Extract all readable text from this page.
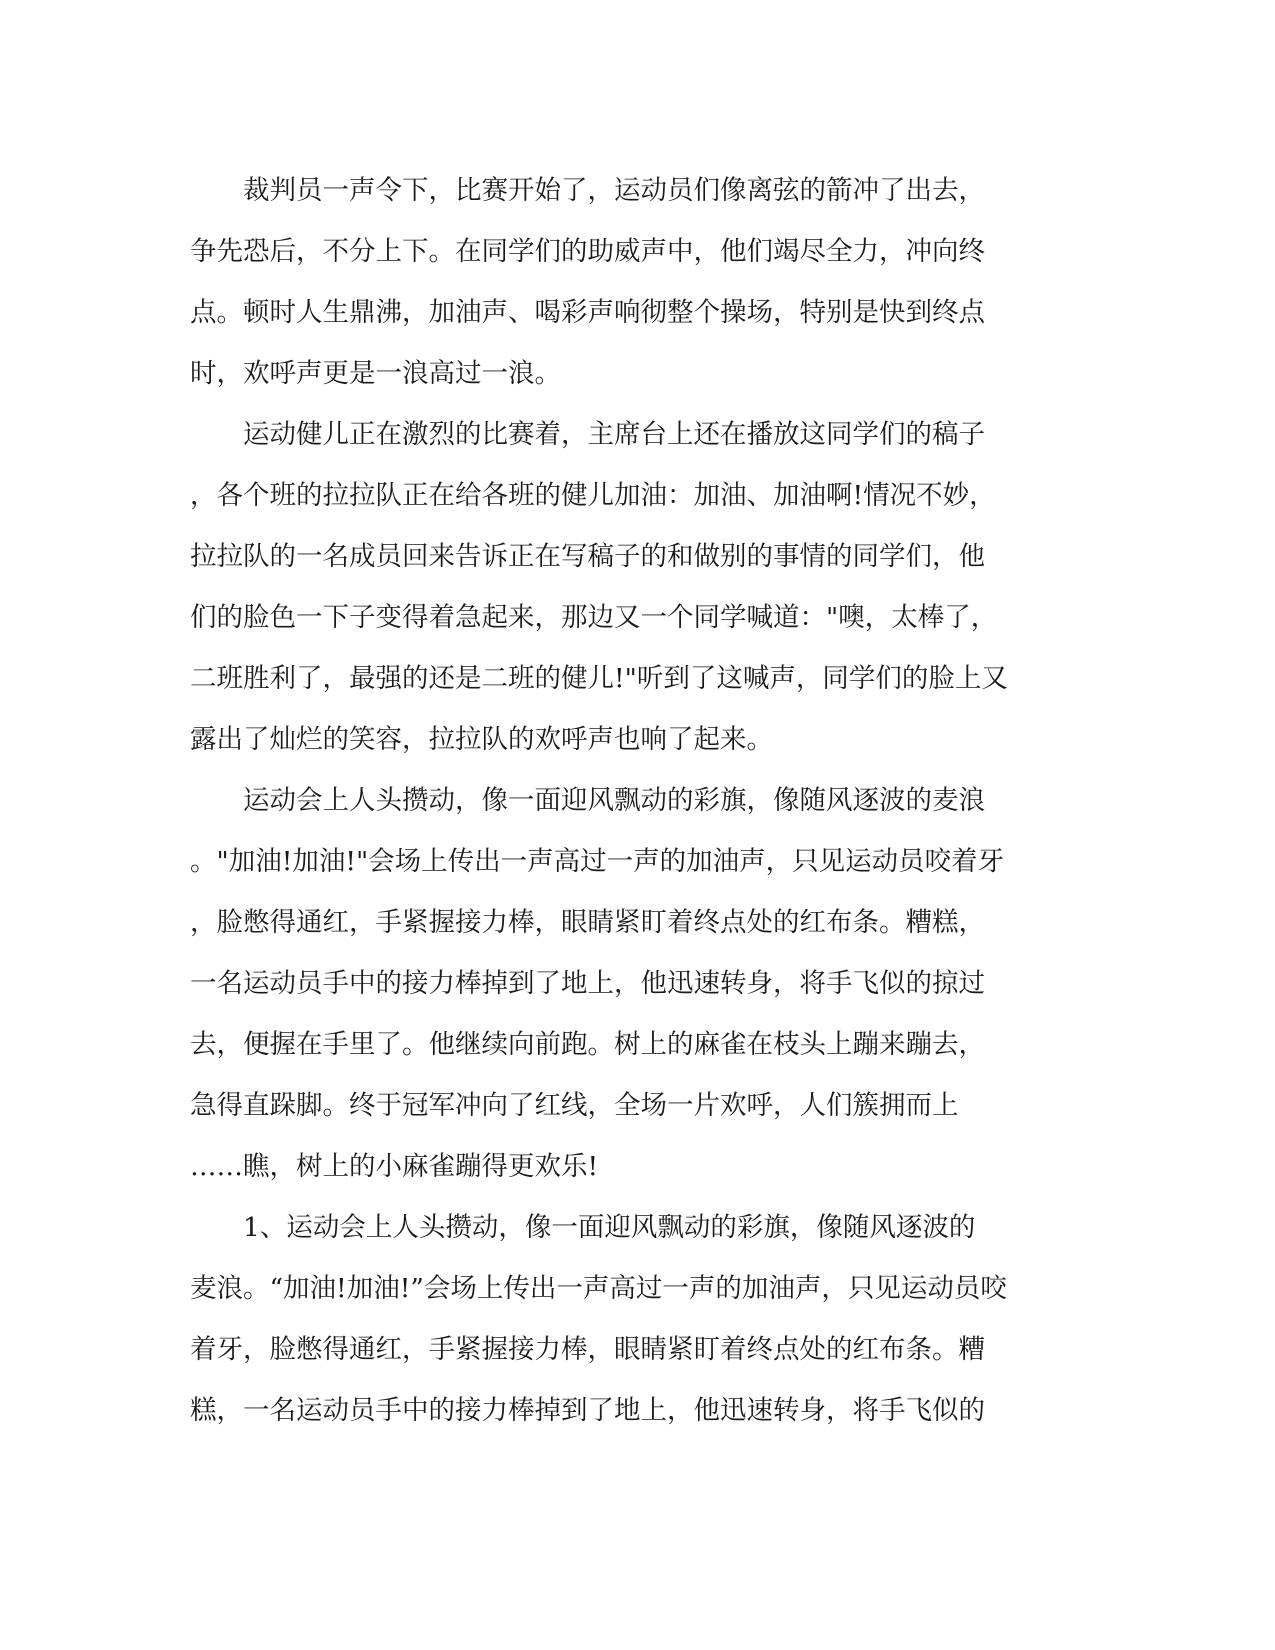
　　裁判员一声令下，比赛开始了，运动员们像离弦的箭冲了出去，
争先恐后，不分上下。在同学们的助威声中，他们竭尽全力，冲向终
点。顿时人生鼎沸，加油声、喝彩声响彻整个操场，特别是快到终点
时，欢呼声更是一浪高过一浪。
　　运动健儿正在激烈的比赛着，主席台上还在播放这同学们的稿子
，各个班的拉拉队正在给各班的健儿加油：加油、加油啊!情况不妙，
拉拉队的一名成员回来告诉正在写稿子的和做别的事情的同学们，他
们的脸色一下子变得着急起来，那边又一个同学喊道："噢，太棒了，
二班胜利了，最强的还是二班的健儿!"听到了这喊声，同学们的脸上又
露出了灿烂的笑容，拉拉队的欢呼声也响了起来。
　　运动会上人头攒动，像一面迎风飘动的彩旗，像随风逐波的麦浪
。"加油!加油!"会场上传出一声高过一声的加油声，只见运动员咬着牙
，脸憋得通红，手紧握接力棒，眼睛紧盯着终点处的红布条。糟糕，
一名运动员手中的接力棒掉到了地上，他迅速转身，将手飞似的掠过
去，便握在手里了。他继续向前跑。树上的麻雀在枝头上蹦来蹦去，
急得直跺脚。终于冠军冲向了红线，全场一片欢呼，人们簇拥而上
……瞧，树上的小麻雀蹦得更欢乐!
　　1、运动会上人头攒动，像一面迎风飘动的彩旗，像随风逐波的
麦浪。“加油!加油!”会场上传出一声高过一声的加油声，只见运动员咬
着牙，脸憋得通红，手紧握接力棒，眼睛紧盯着终点处的红布条。糟
糕，一名运动员手中的接力棒掉到了地上，他迅速转身，将手飞似的
